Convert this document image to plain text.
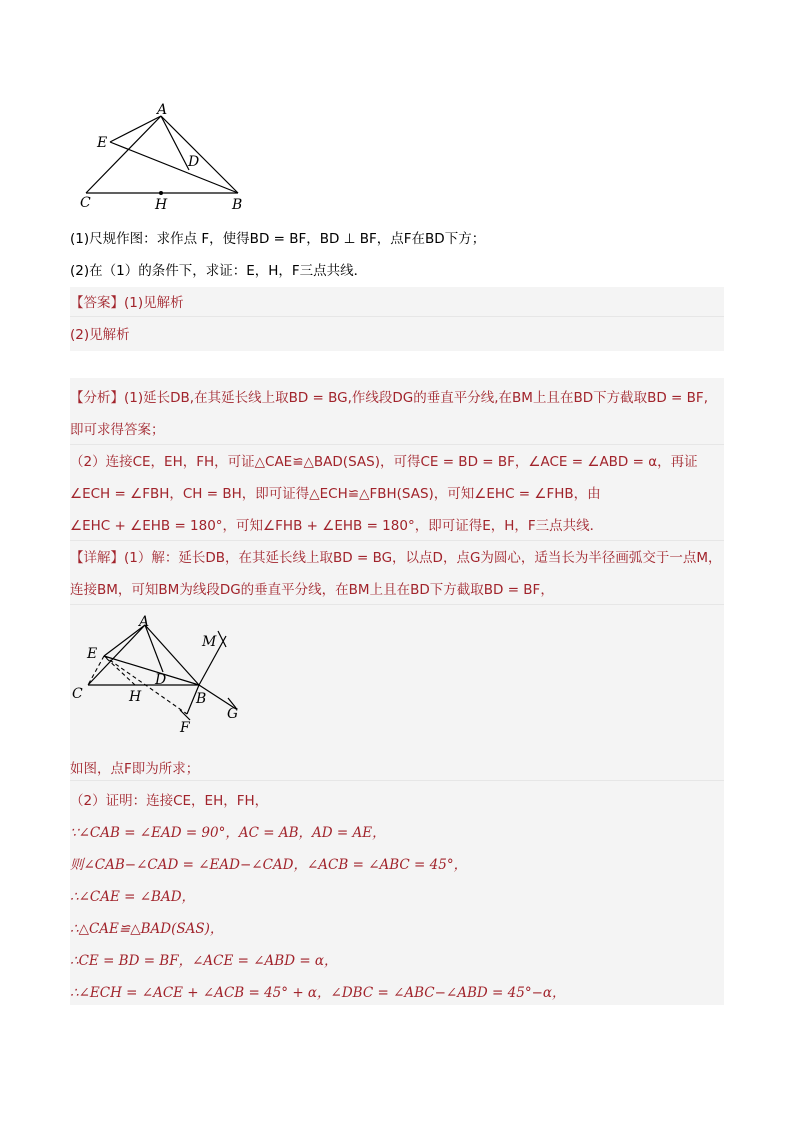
A
E
D
C	H	B
(1)尺规作图：求作点 F，使得BD = BF，BD ⊥ BF，点F在BD下方；
(2)在（1）的条件下，求证：E，H，F三点共线．
【答案】(1)见解析
(2)见解析
【分析】(1)延长DB,在其延长线上取BD = BG,作线段DG的垂直平分线,在BM上且在BD下方截取BD = BF,
即可求得答案；
（2）连接CE，EH，FH，可证△CAE≌△BAD(SAS)，可得CE = BD = BF，∠ACE = ∠ABD = α，再证
∠ECH = ∠FBH，CH = BH，即可证得△ECH≌△FBH(SAS)，可知∠EHC = ∠FHB，由
∠EHC + ∠EHB = 180°，可知∠FHB + ∠EHB = 180°，即可证得E，H，F三点共线．
【详解】(1）解：延长DB，在其延长线上取BD = BG，以点D，点G为圆心，适当长为半径画弧交于一点M，
连接BM，可知BM为线段DG的垂直平分线，在BM上且在BD下方截取BD = BF，
A
E
D
C	H	B
M
G
F
如图，点F即为所求；
（2）证明：连接CE，EH，FH，
∵∠CAB = ∠EAD = 90°，AC = AB，AD = AE，
则∠CAB−∠CAD = ∠EAD−∠CAD，∠ACB = ∠ABC = 45°，
∴∠CAE = ∠BAD，
∴△CAE≌△BAD(SAS)，
∴CE = BD = BF，∠ACE = ∠ABD = α，
∴∠ECH = ∠ACE + ∠ACB = 45° + α，∠DBC = ∠ABC−∠ABD = 45°−α，
